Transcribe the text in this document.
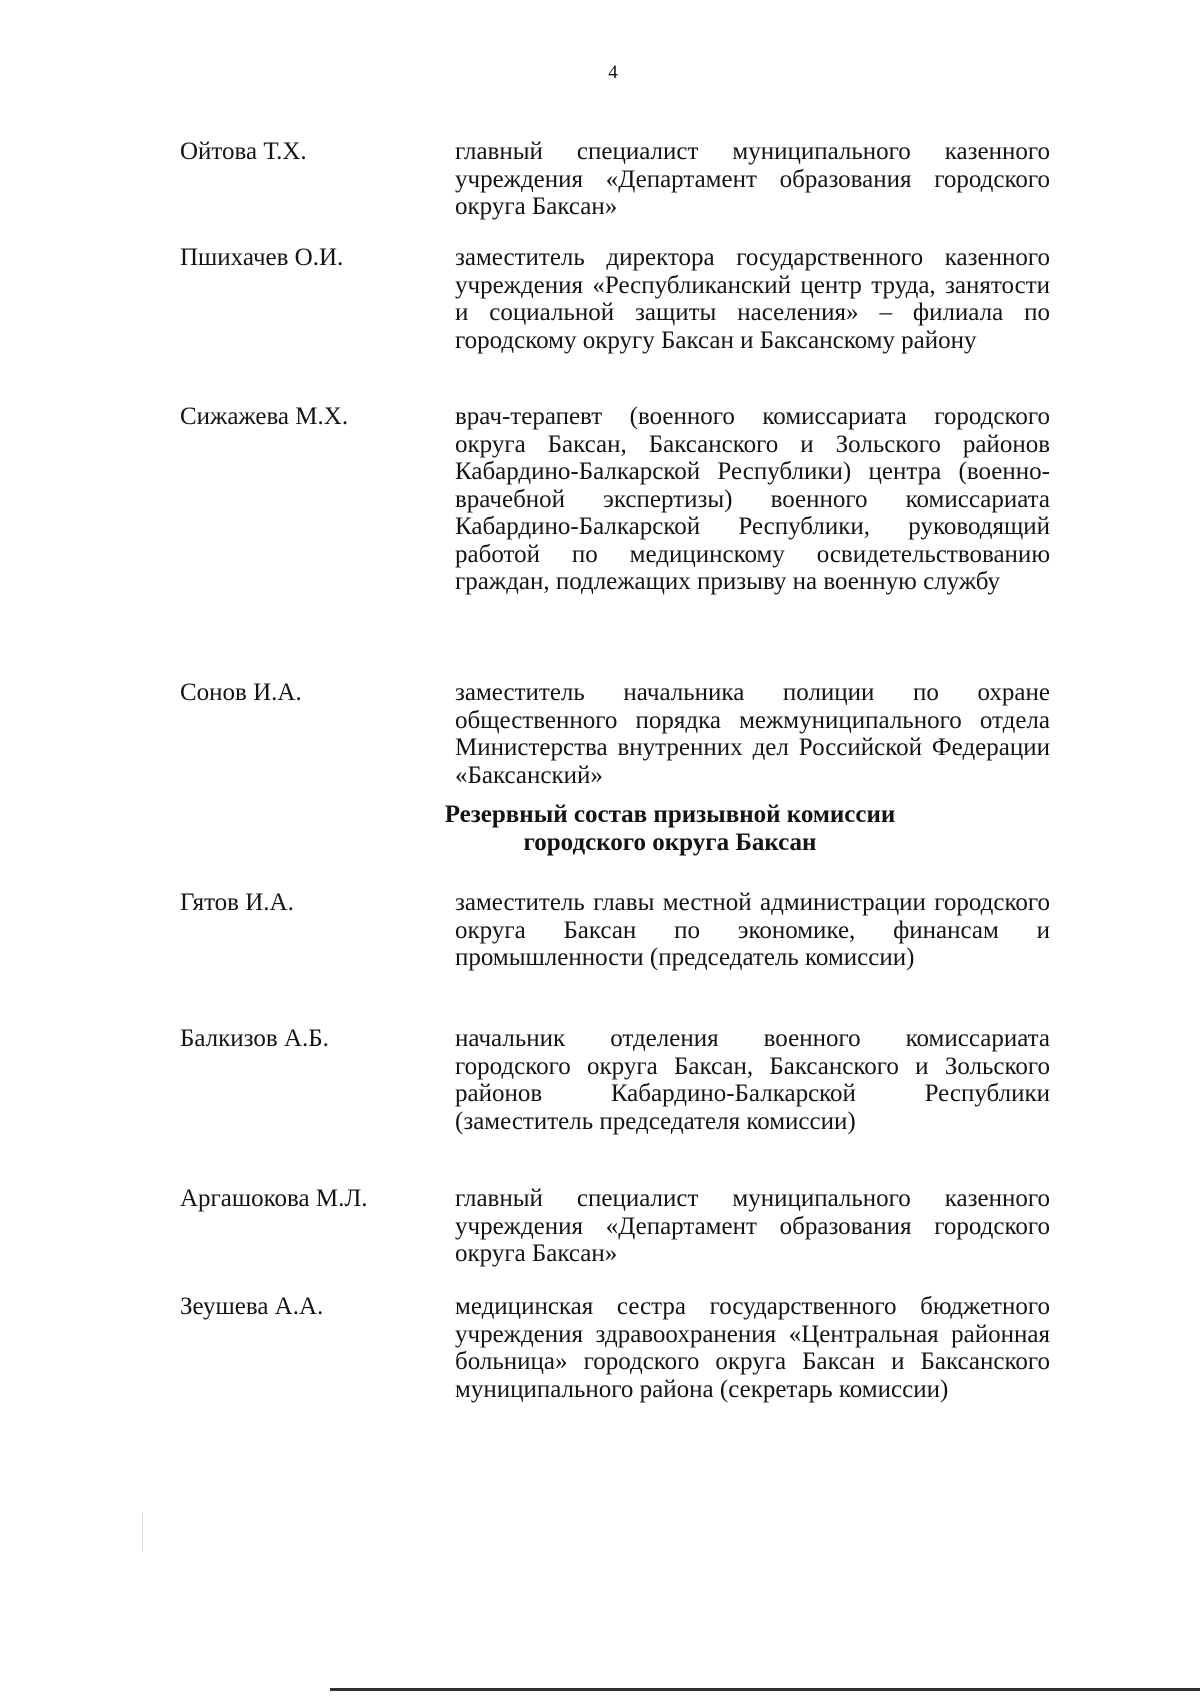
4
Ойтова Т.Х.	главный специалист муниципального казенного учреждения «Департамент образования городского округа Баксан»
Пшихачев О.И.	заместитель директора государственного казенного учреждения «Республиканский центр труда, занятости и социальной защиты населения» – филиала по городскому округу Баксан и Баксанскому району
Сижажева М.Х.	врач-терапевт (военного комиссариата городского округа Баксан, Баксанского и Зольского районов Кабардино-Балкарской Республики) центра (военно-врачебной экспертизы) военного комиссариата Кабардино-Балкарской Республики, руководящий работой по медицинскому освидетельствованию граждан, подлежащих призыву на военную службу
Сонов И.А.	заместитель начальника полиции по охране общественного порядка межмуниципального отдела Министерства внутренних дел Российской Федерации «Баксанский»
Резервный состав призывной комиссии
городского округа Баксан
Гятов И.А.	заместитель главы местной администрации городского округа Баксан по экономике, финансам и промышленности (председатель комиссии)
Балкизов А.Б.	начальник отделения военного комиссариата городского округа Баксан, Баксанского и Зольского районов Кабардино-Балкарской Республики (заместитель председателя комиссии)
Аргашокова М.Л.	главный специалист муниципального казенного учреждения «Департамент образования городского округа Баксан»
Зеушева А.А.	медицинская сестра государственного бюджетного учреждения здравоохранения «Центральная районная больница» городского округа Баксан и Баксанского муниципального района (секретарь комиссии)
